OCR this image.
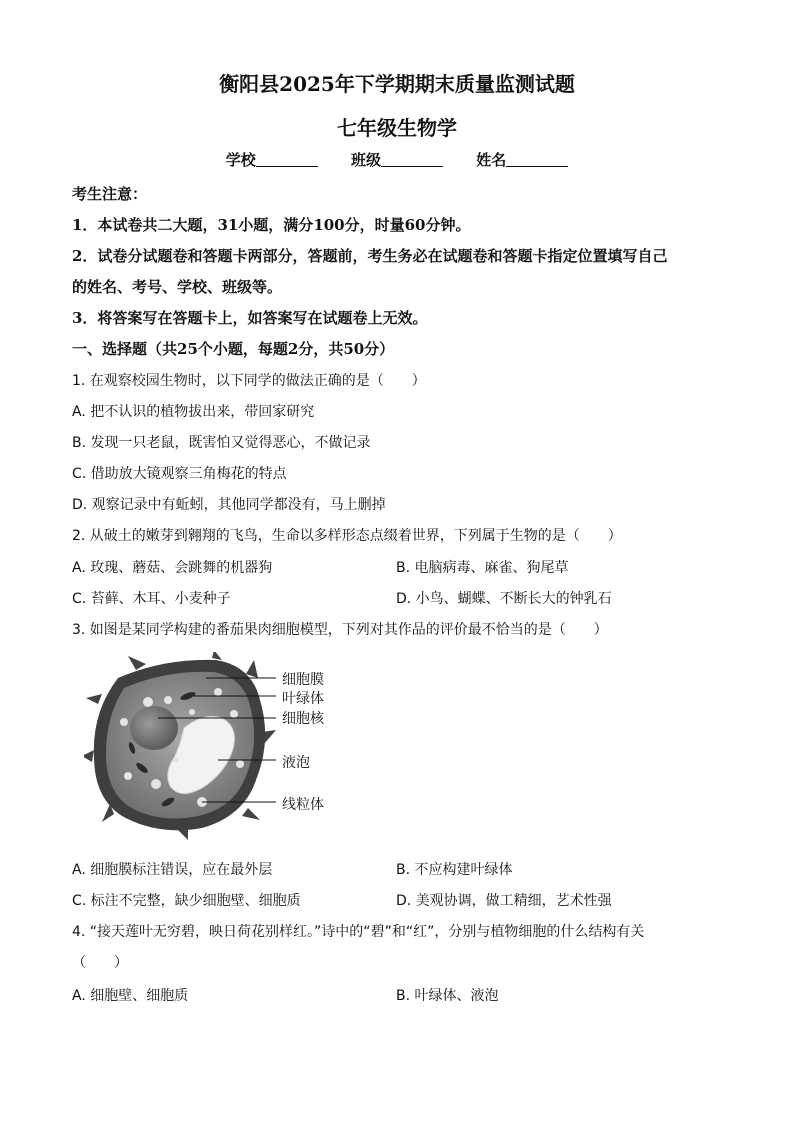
衡阳县2025年下学期期末质量监测试题
七年级生物学
学校	班级	姓名
考生注意：
1．本试卷共二大题，31小题，满分100分，时量60分钟。
2．试卷分试题卷和答题卡两部分，答题前，考生务必在试题卷和答题卡指定位置填写自己
的姓名、考号、学校、班级等。
3．将答案写在答题卡上，如答案写在试题卷上无效。
一、选择题（共25个小题，每题2分，共50分）
1. 在观察校园生物时，以下同学的做法正确的是（　　）
A. 把不认识的植物拔出来，带回家研究
B. 发现一只老鼠，既害怕又觉得恶心，不做记录
C. 借助放大镜观察三角梅花的特点
D. 观察记录中有蚯蚓，其他同学都没有，马上删掉
2. 从破土的嫩芽到翱翔的飞鸟，生命以多样形态点缀着世界，下列属于生物的是（　　）
A. 玫瑰、蘑菇、会跳舞的机器狗	B. 电脑病毒、麻雀、狗尾草
C. 苔藓、木耳、小麦种子	D. 小鸟、蝴蝶、不断长大的钟乳石
3. 如图是某同学构建的番茄果肉细胞模型，下列对其作品的评价最不恰当的是（　　）
细胞膜
叶绿体
细胞核
液泡
线粒体
A. 细胞膜标注错误，应在最外层	B. 不应构建叶绿体
C. 标注不完整，缺少细胞壁、细胞质	D. 美观协调，做工精细，艺术性强
4. “接天莲叶无穷碧，映日荷花别样红。”诗中的“碧”和“红”，分别与植物细胞的什么结构有关
（　　）
A. 细胞壁、细胞质	B. 叶绿体、液泡
